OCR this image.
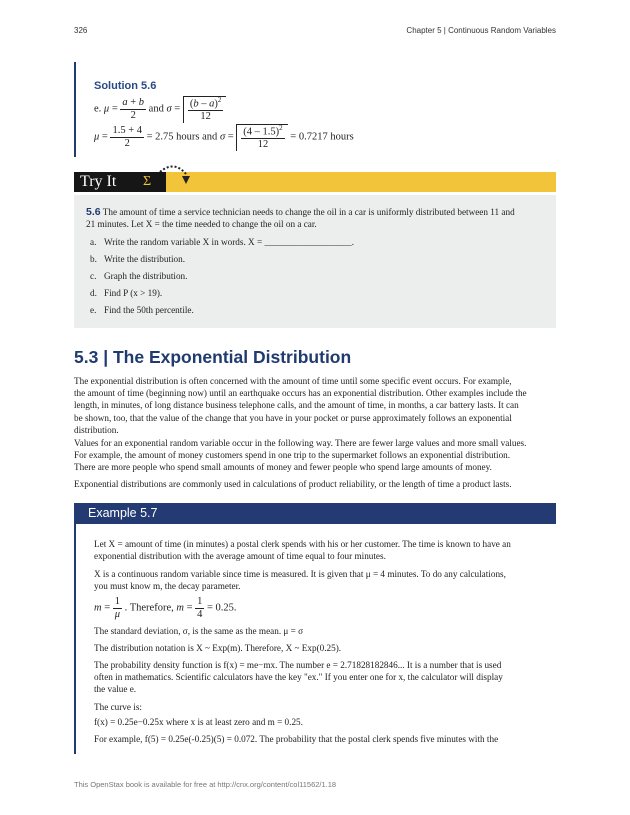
326	Chapter 5 | Continuous Random Variables
Solution 5.6
e. $\mu = \frac{a + b}{2}$ and $\sigma = \frac{(b - a)^2}{12}$
$\mu = \frac{1.5 + 4}{2} = 2.75$ hours and $\sigma = \frac{(4 - 1.5)^2}{12} = 0.7217$ hours
Try It Σ
5.6 The amount of time a service technician needs to change the oil in a car is uniformly distributed between 11 and
21 minutes. Let X = the time needed to change the oil on a car.
a. Write the random variable X in words. X = ___________________.
b. Write the distribution.
c. Graph the distribution.
d. Find P (x > 19).
e. Find the 50th percentile.
5.3 | The Exponential Distribution
The exponential distribution is often concerned with the amount of time until some specific event occurs. For example,
the amount of time (beginning now) until an earthquake occurs has an exponential distribution. Other examples include the
length, in minutes, of long distance business telephone calls, and the amount of time, in months, a car battery lasts. It can
be shown, too, that the value of the change that you have in your pocket or purse approximately follows an exponential
distribution.
Values for an exponential random variable occur in the following way. There are fewer large values and more small values.
For example, the amount of money customers spend in one trip to the supermarket follows an exponential distribution.
There are more people who spend small amounts of money and fewer people who spend large amounts of money.
Exponential distributions are commonly used in calculations of product reliability, or the length of time a product lasts.
Example 5.7
Let X = amount of time (in minutes) a postal clerk spends with his or her customer. The time is known to have an
exponential distribution with the average amount of time equal to four minutes.
X is a continuous random variable since time is measured. It is given that μ = 4 minutes. To do any calculations,
you must know m, the decay parameter.
$m = \frac{1}{\mu}$ . Therefore, $m = \frac{1}{4} = 0.25$.
The standard deviation, σ, is the same as the mean. μ = σ
The distribution notation is X ~ Exp(m). Therefore, X ~ Exp(0.25).
The probability density function is f(x) = me−mx. The number e = 2.71828182846... It is a number that is used
often in mathematics. Scientific calculators have the key "ex." If you enter one for x, the calculator will display
the value e.
The curve is:
f(x) = 0.25e−0.25x where x is at least zero and m = 0.25.
For example, f(5) = 0.25e(-0.25)(5) = 0.072. The probability that the postal clerk spends five minutes with the
This OpenStax book is available for free at http://cnx.org/content/col11562/1.18
